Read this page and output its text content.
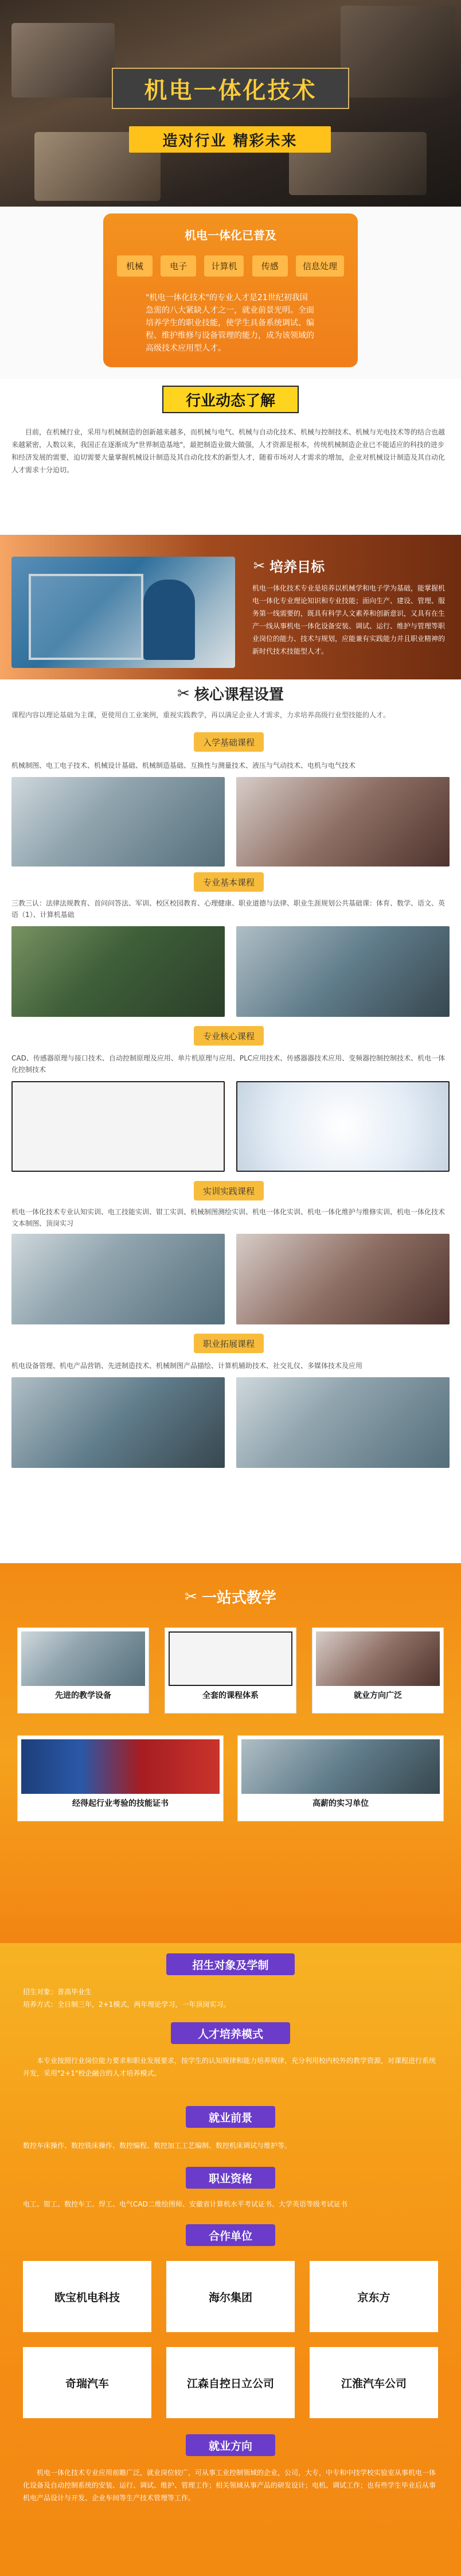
机电一体化技术
造对行业 精彩未来
机电一体化已普及
机械	电子	计算机	传感	信息处理

"机电一体化技术"的专业人才是21世纪初我国急需的八大紧缺人才之一，就业前景光明。全面培养学生的职业技能，使学生具备系统调试、编程、维护维修与设备管理的能力，成为该领域的高级技术应用型人才。

行业动态了解

目前，在机械行业，采用与机械制造的创新越来越多，而机械与电气、机械与自动化技术、机械与控制技术、机械与光电技术等的结合也越来越紧密，人数以来，我国正在逐渐成为"世界制造基地"，最把制造业做大做强，人才资源是根本，传统机械制造企业已不能适应的科技的进步和经济发展的需要，迫切需要大量掌握机械设计制造及其自动化技术的新型人才，随着市场对人才需求的增加，企业对机械设计制造及其自动化人才需求十分迫切。

✂ 培养目标

机电一体化技术专业是培养以机械学和电子学为基础，能掌握机电一体化专业理论知识和专业技能；面向生产、建设、管理、服务第一线需要的，既具有科学人文素养和创新意识，又具有在生产一线从事机电一体化设备安装、调试、运行、维护与管理等职业岗位的能力、技术与规划，应能兼有实践能力并且职业精神的新时代技术技能型人才。

✂ 核心课程设置

课程内容以理论基础为主课，更使用自工业案例，重视实践教学，再以满足企业人才需求，力求培养高级行业型技能的人才。

入学基础课程

机械制图、电工电子技术、机械设计基础、机械制造基础、互换性与测量技术、液压与气动技术、电机与电气技术

专业基本课程

三教三认：法律法规教育、首问问答法、军训、校区校园教育、心理健康、职业道德与法律、职业生涯规划公共基础课：体育、数学、语文、英语（1）、计算机基础

专业核心课程

CAD、传感器原理与接口技术、自动控制原理及应用、单片机原理与应用、PLC应用技术、传感器器技术应用、变频器控制控制技术、机电一体化控制技术

实训实践课程

机电一体化技术专业认知实训、电工技能实训、钳工实训、机械制图测绘实训、机电一体化实训、机电一体化维护与维修实训、机电一体化技术文本制图、顶岗实习

职业拓展课程

机电设备管理、机电产品营销、先进制造技术、机械制图产品描绘、计算机辅助技术、社交礼仪、多媒体技术及应用

✂ 一站式教学
先进的教学设备	全套的课程体系	就业方向广泛
经得起行业考验的技能证书	高薪的实习单位
招生对象及学制

招生对象：普高毕业生
培养方式：全日制三年，2+1模式，两年理论学习，一年顶岗实习。

人才培养模式

本专业按照行业岗位能力要求和职业发展要求，按学生的认知规律和能力培养规律，充分利用校内校外的教学资源，对课程进行系统开发，采用"2+1"校企融合的人才培养模式。

就业前景

数控车床操作、数控铣床操作、数控编程、数控加工工艺编制、数控机床调试与维护等。

职业资格

电工、钳工、数控车工、焊工、电气CAD二维绘图师、安徽省计算机水平考试证书、大学英语等级考试证书

合作单位
欧宝机电科技	海尔集团	京东方
奇瑞汽车	江森自控日立公司	江淮汽车公司
就业方向

机电一体化技术专业应用前瞻广泛，就业岗位较广，可从事工业控制领域的企业，公司，大专，中专和中技学校实验室从事机电一体化设备及自动控制系统的安装、运行、调试、维护、管理工作；相关领域从事产品的研发设计；电机、调试工作；也有些学生毕业后从事机电产品设计与开发、企业车间等生产技术管理等工作。
